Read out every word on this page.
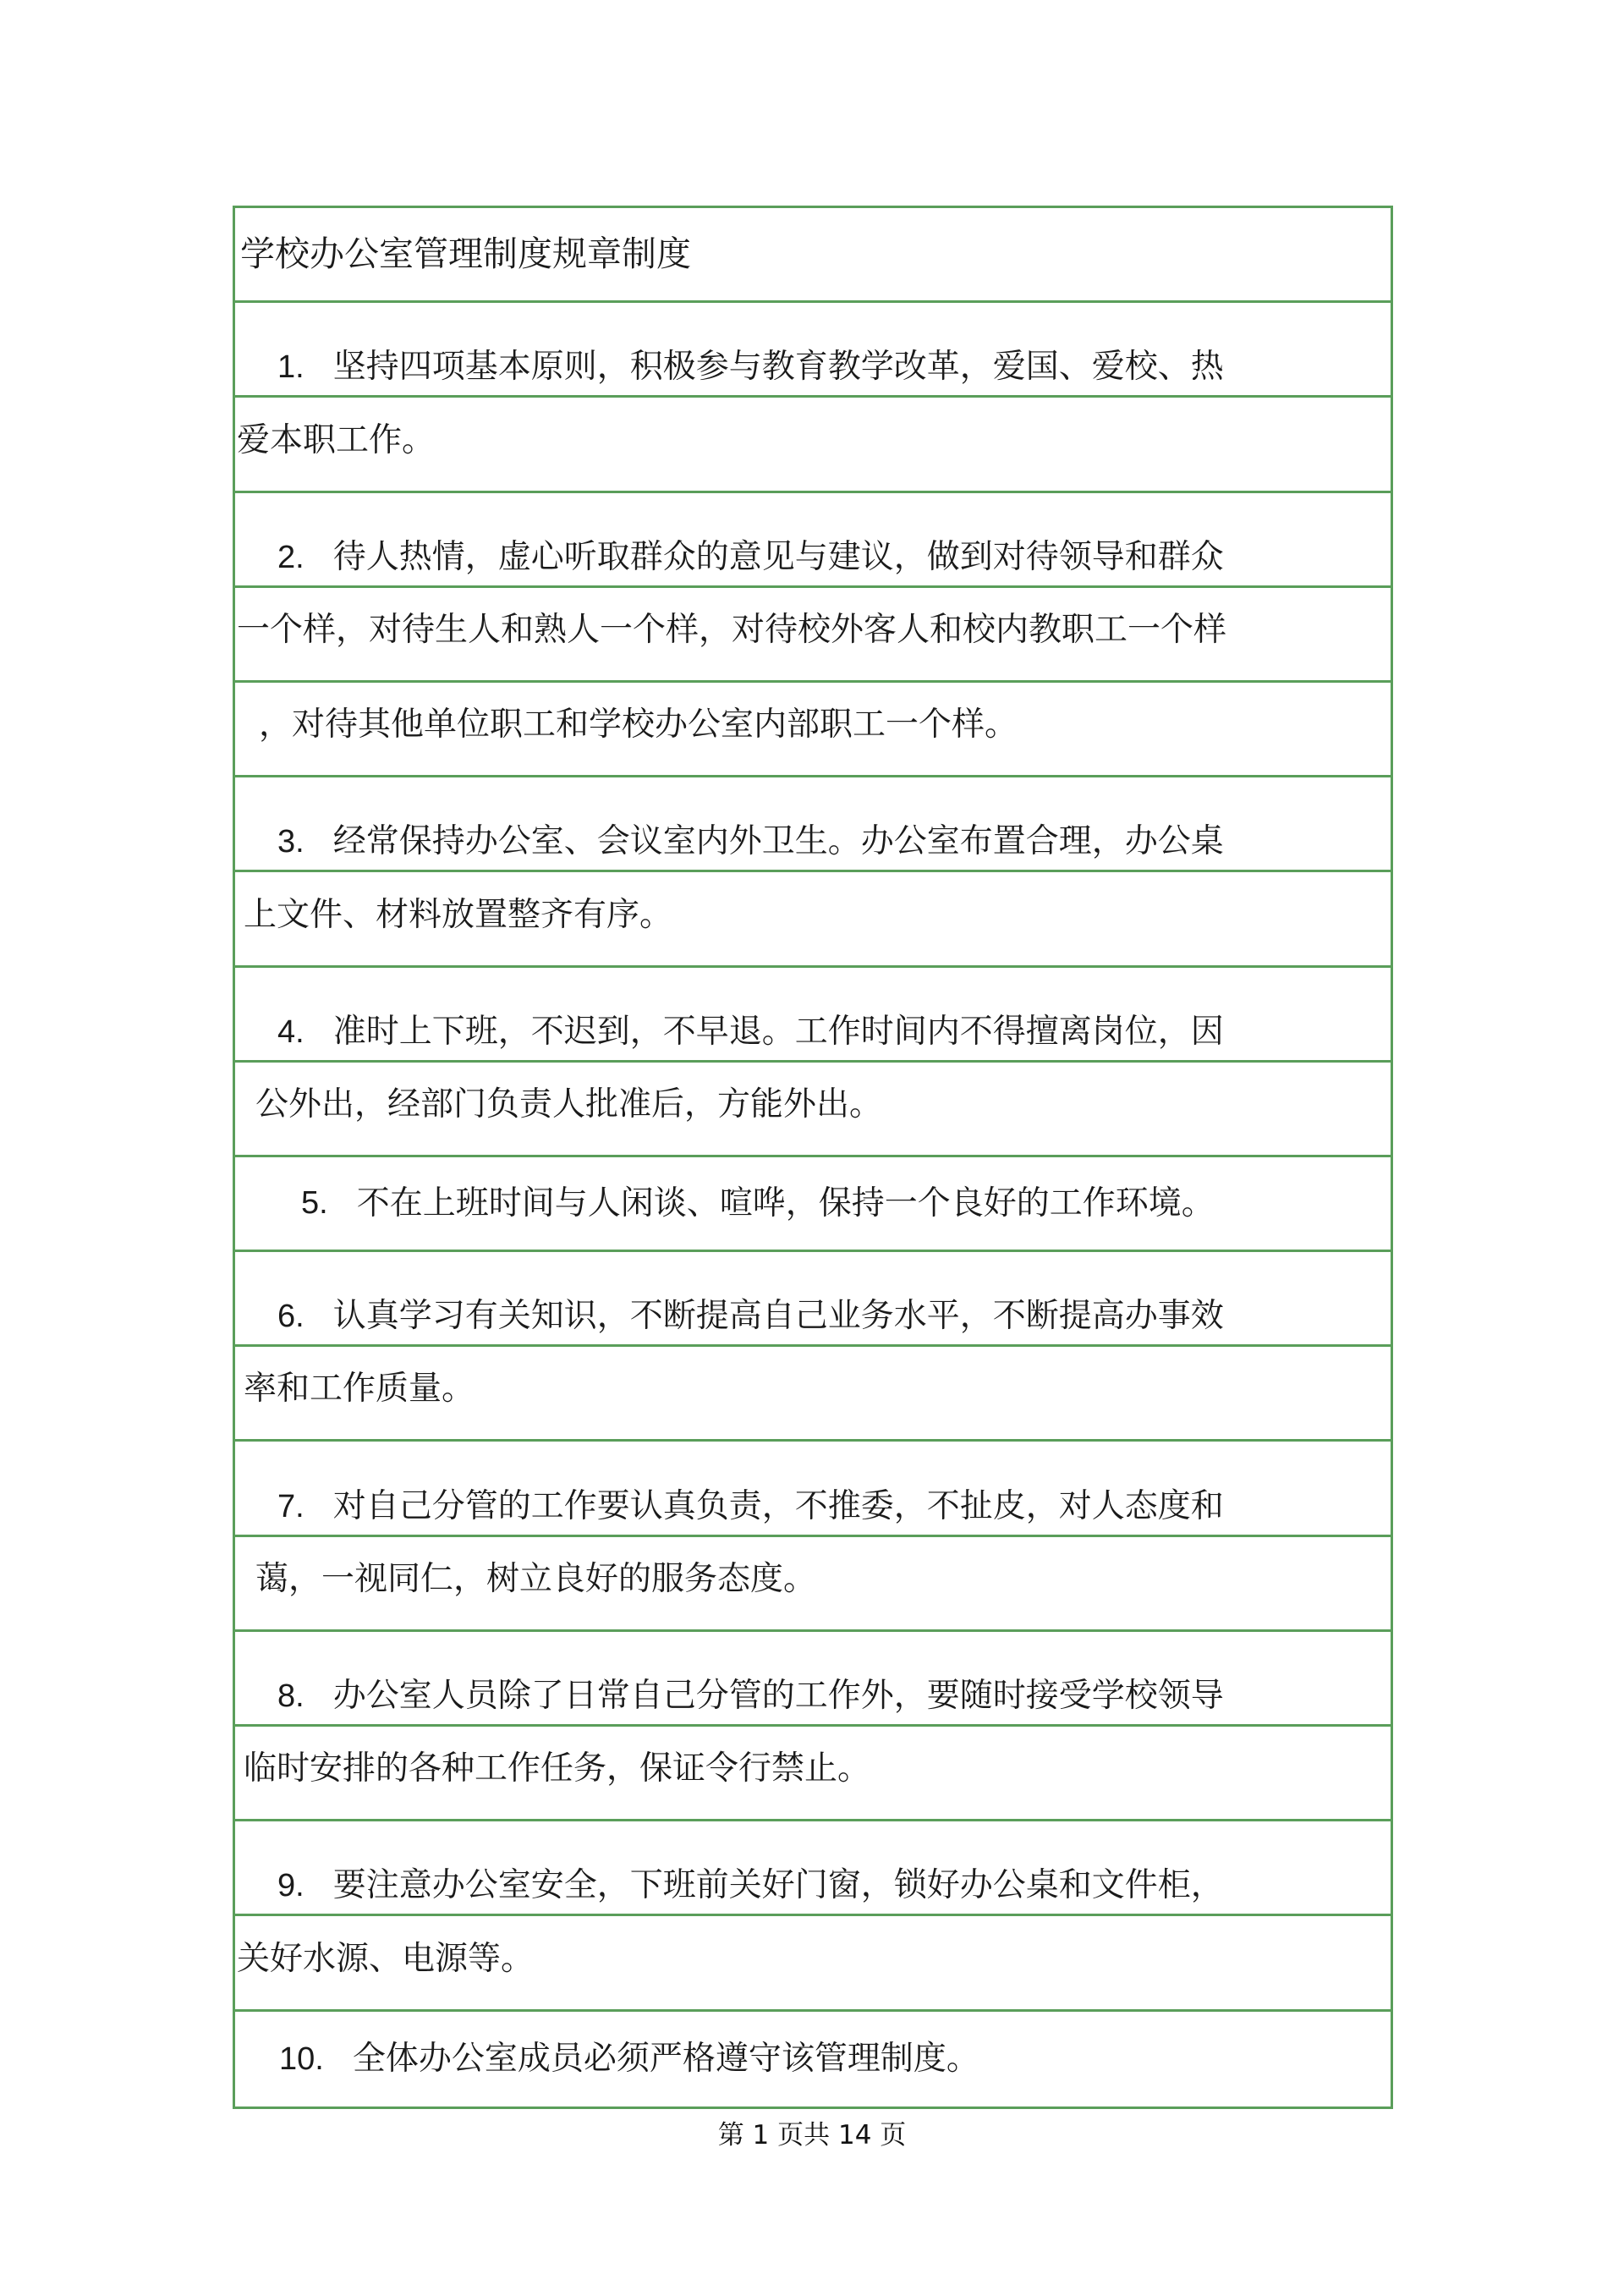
学校办公室管理制度规章制度
1. 坚持四项基本原则，积极参与教育教学改革，爱国、爱校、热
爱本职工作。
2. 待人热情，虚心听取群众的意见与建议，做到对待领导和群众
一个样，对待生人和熟人一个样，对待校外客人和校内教职工一个样
，对待其他单位职工和学校办公室内部职工一个样。
3. 经常保持办公室、会议室内外卫生。办公室布置合理，办公桌
上文件、材料放置整齐有序。
4. 准时上下班，不迟到，不早退。工作时间内不得擅离岗位，因
公外出，经部门负责人批准后，方能外出。
5. 不在上班时间与人闲谈、喧哗，保持一个良好的工作环境。
6. 认真学习有关知识，不断提高自己业务水平，不断提高办事效
率和工作质量。
7. 对自己分管的工作要认真负责，不推委，不扯皮，对人态度和
蔼，一视同仁，树立良好的服务态度。
8. 办公室人员除了日常自己分管的工作外，要随时接受学校领导
临时安排的各种工作任务，保证令行禁止。
9. 要注意办公室安全，下班前关好门窗，锁好办公桌和文件柜，
关好水源、电源等。
10. 全体办公室成员必须严格遵守该管理制度。
第 1 页共 14 页
